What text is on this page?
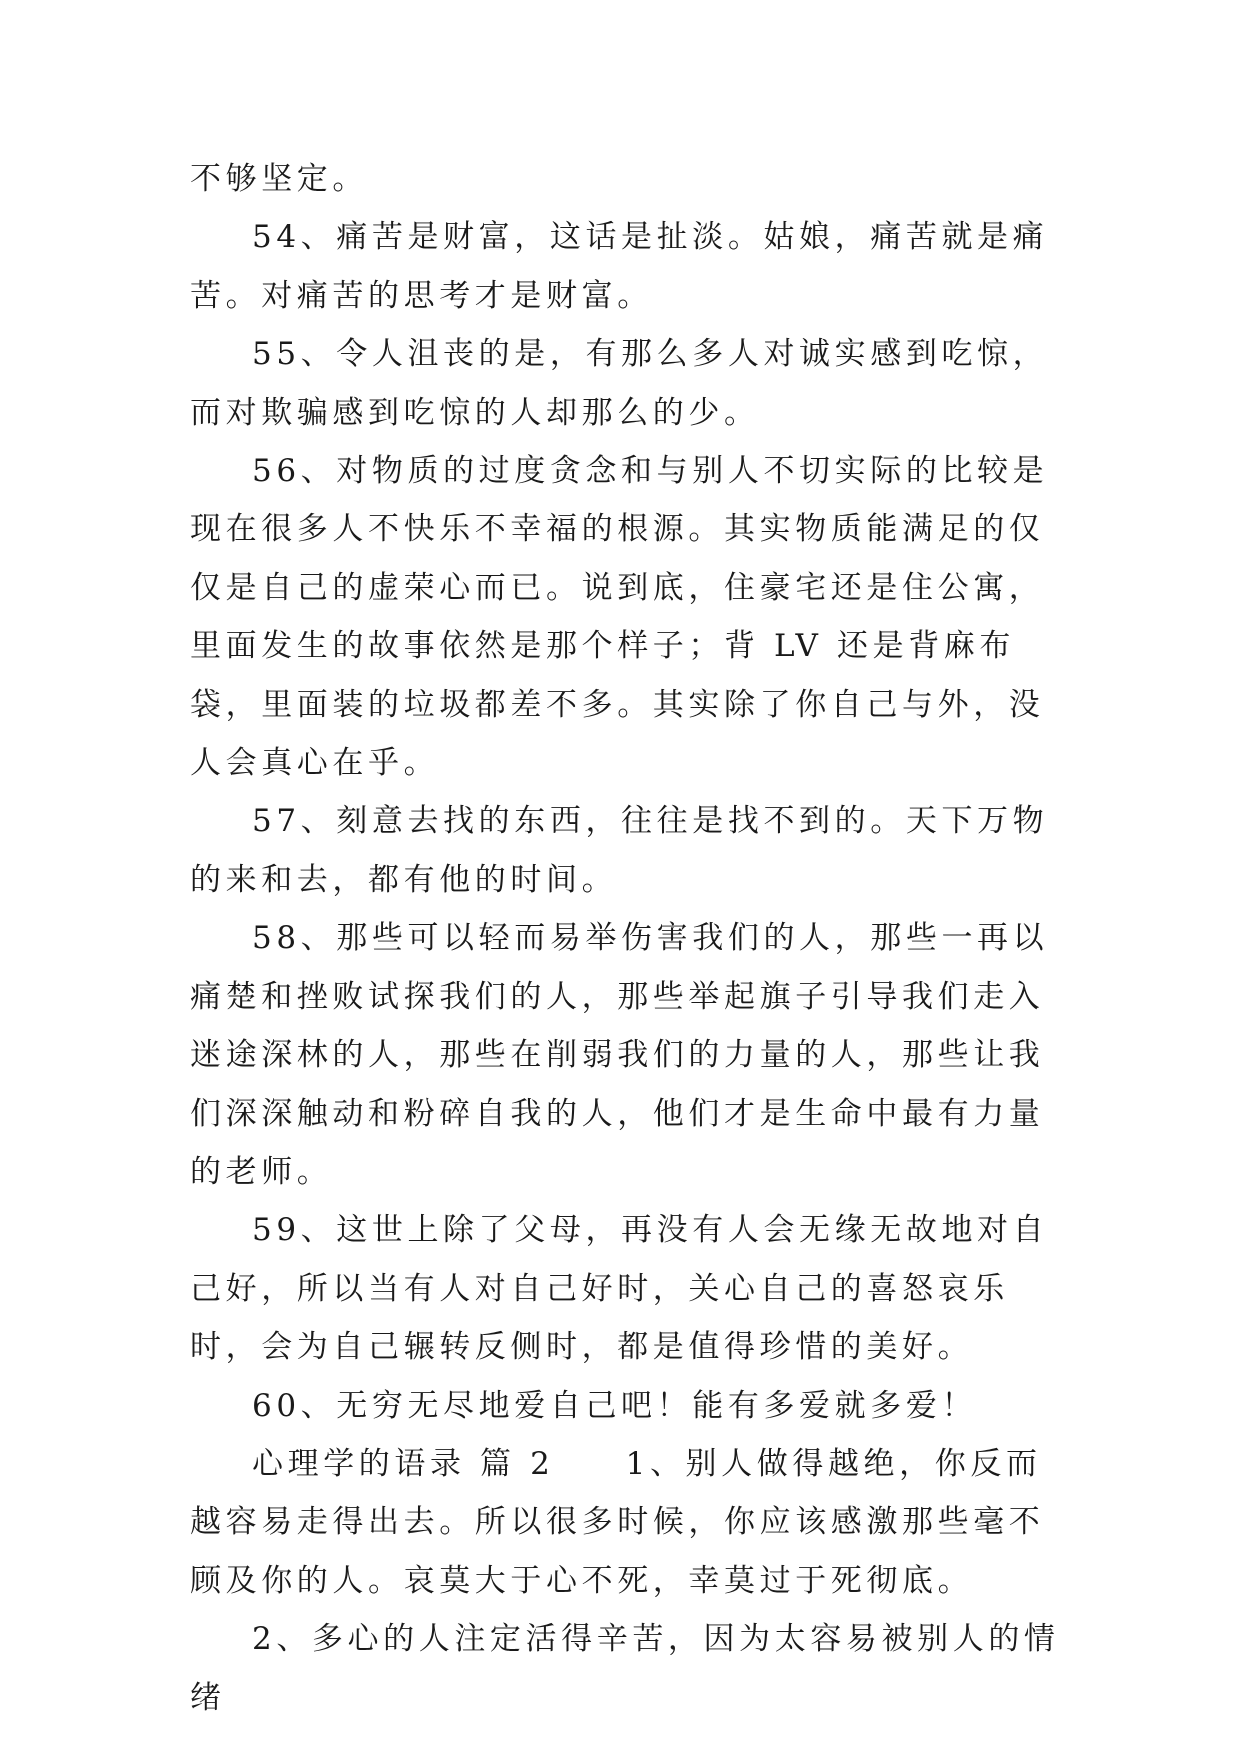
不够坚定。

54、痛苦是财富，这话是扯淡。姑娘，痛苦就是痛苦。对痛苦的思考才是财富。

55、令人沮丧的是，有那么多人对诚实感到吃惊，而对欺骗感到吃惊的人却那么的少。

56、对物质的过度贪念和与别人不切实际的比较是现在很多人不快乐不幸福的根源。其实物质能满足的仅仅是自己的虚荣心而已。说到底，住豪宅还是住公寓，里面发生的故事依然是那个样子；背 LV 还是背麻布袋，里面装的垃圾都差不多。其实除了你自己与外，没人会真心在乎。

57、刻意去找的东西，往往是找不到的。天下万物的来和去，都有他的时间。

58、那些可以轻而易举伤害我们的人，那些一再以痛楚和挫败试探我们的人，那些举起旗子引导我们走入迷途深林的人，那些在削弱我们的力量的人，那些让我们深深触动和粉碎自我的人，他们才是生命中最有力量的老师。

59、这世上除了父母，再没有人会无缘无故地对自己好，所以当有人对自己好时，关心自己的喜怒哀乐时，会为自己辗转反侧时，都是值得珍惜的美好。

60、无穷无尽地爱自己吧！能有多爱就多爱！

心理学的语录 篇 2　　1、别人做得越绝，你反而越容易走得出去。所以很多时候，你应该感激那些毫不顾及你的人。哀莫大于心不死，幸莫过于死彻底。

2、多心的人注定活得辛苦，因为太容易被别人的情绪
